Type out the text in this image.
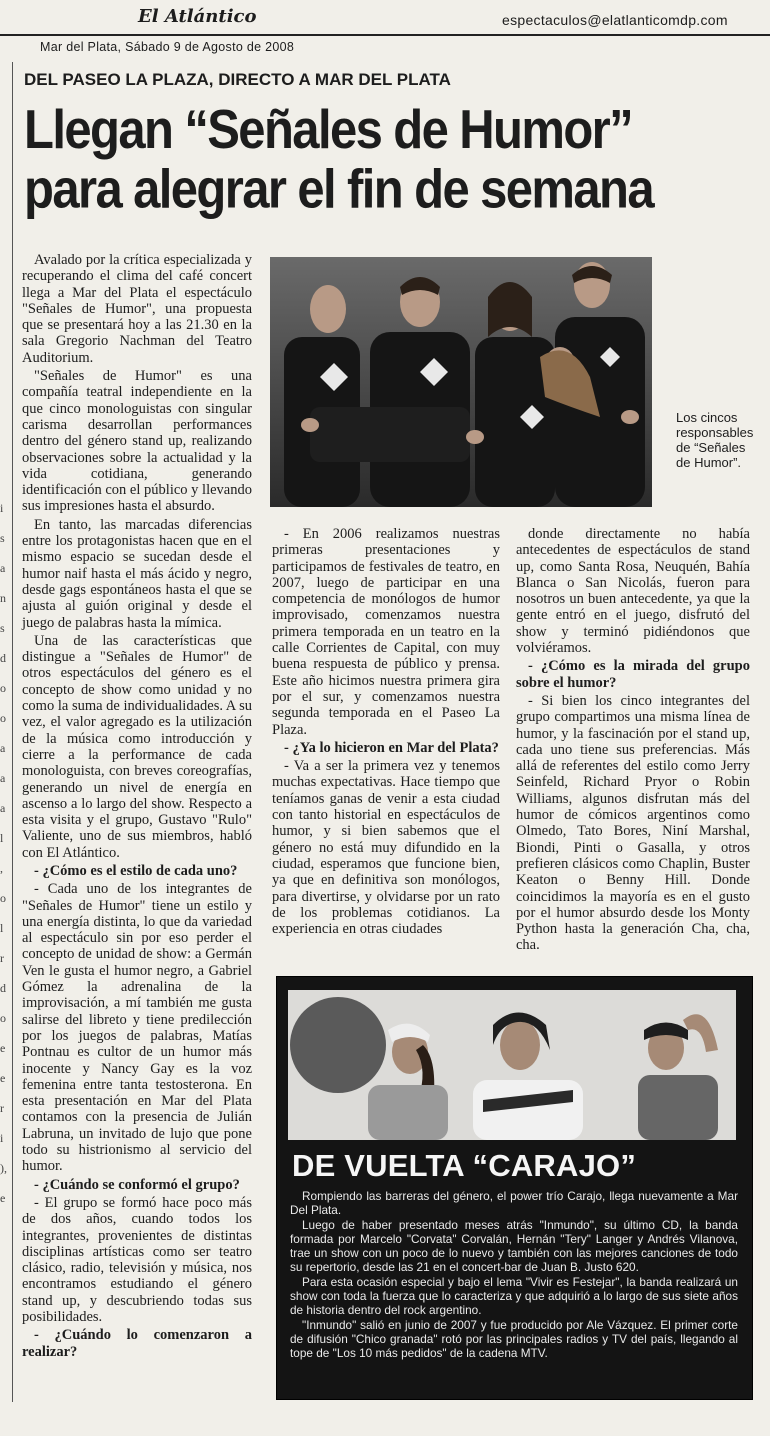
El Atlántico	espectaculos@elatlanticomdp.com
Mar del Plata, Sábado 9 de Agosto de 2008
i
s
a
n
s
d
o
o
a
a
a
l
,
o
l
r
d
o
e
e
r
i
),
e
DEL PASEO LA PLAZA, DIRECTO A MAR DEL PLATA
Llegan “Señales de Humor”
para alegrar el fin de semana
Los cincos responsables de “Señales de Humor”.

Avalado por la crítica especializada y recuperando el clima del café concert llega a Mar del Plata el espectáculo "Señales de Humor", una propuesta que se presentará hoy a las 21.30 en la sala Gregorio Nachman del Teatro Auditorium.

"Señales de Humor" es una compañía teatral independiente en la que cinco monologuistas con singular carisma desarrollan performances dentro del género stand up, realizando observaciones sobre la actualidad y la vida cotidiana, generando identificación con el público y llevando sus impresiones hasta el absurdo.

En tanto, las marcadas diferencias entre los protagonistas hacen que en el mismo espacio se sucedan desde el humor naif hasta el más ácido y negro, desde gags espontáneos hasta el que se ajusta al guión original y desde el juego de palabras hasta la mímica.

Una de las características que distingue a "Señales de Humor" de otros espectáculos del género es el concepto de show como unidad y no como la suma de individualidades. A su vez, el valor agregado es la utilización de la música como introducción y cierre a la performance de cada monologuista, con breves coreografías, generando un nivel de energía en ascenso a lo largo del show. Respecto a esta visita y el grupo, Gustavo "Rulo" Valiente, uno de sus miembros, habló con El Atlántico.

- ¿Cómo es el estilo de cada uno?

- Cada uno de los integrantes de "Señales de Humor" tiene un estilo y una energía distinta, lo que da variedad al espectáculo sin por eso perder el concepto de unidad de show: a Germán Ven le gusta el humor negro, a Gabriel Gómez la adrenalina de la improvisación, a mí también me gusta salirse del libreto y tiene predilección por los juegos de palabras, Matías Pontnau es cultor de un humor más inocente y Nancy Gay es la voz femenina entre tanta testosterona. En esta presentación en Mar del Plata contamos con la presencia de Julián Labruna, un invitado de lujo que pone todo su histrionismo al servicio del humor.

- ¿Cuándo se conformó el grupo?

- El grupo se formó hace poco más de dos años, cuando todos los integrantes, provenientes de distintas disciplinas artísticas como ser teatro clásico, radio, televisión y música, nos encontramos estudiando el género stand up, y descubriendo todas sus posibilidades.

- ¿Cuándo lo comenzaron a realizar?

- En 2006 realizamos nuestras primeras presentaciones y participamos de festivales de teatro, en 2007, luego de participar en una competencia de monólogos de humor improvisado, comenzamos nuestra primera temporada en un teatro en la calle Corrientes de Capital, con muy buena respuesta de público y prensa. Este año hicimos nuestra primera gira por el sur, y comenzamos nuestra segunda temporada en el Paseo La Plaza.

- ¿Ya lo hicieron en Mar del Plata?

- Va a ser la primera vez y tenemos muchas expectativas. Hace tiempo que teníamos ganas de venir a esta ciudad con tanto historial en espectáculos de humor, y si bien sabemos que el género no está muy difundido en la ciudad, esperamos que funcione bien, ya que en definitiva son monólogos, para divertirse, y olvidarse por un rato de los problemas cotidianos. La experiencia en otras ciudades

donde directamente no había antecedentes de espectáculos de stand up, como Santa Rosa, Neuquén, Bahía Blanca o San Nicolás, fueron para nosotros un buen antecedente, ya que la gente entró en el juego, disfrutó del show y terminó pidiéndonos que volviéramos.

- ¿Cómo es la mirada del grupo sobre el humor?

- Si bien los cinco integrantes del grupo compartimos una misma línea de humor, y la fascinación por el stand up, cada uno tiene sus preferencias. Más allá de referentes del estilo como Jerry Seinfeld, Richard Pryor o Robin Williams, algunos disfrutan más del humor de cómicos argentinos como Olmedo, Tato Bores, Niní Marshal, Biondi, Pinti o Gasalla, y otros prefieren clásicos como Chaplin, Buster Keaton o Benny Hill. Donde coincidimos la mayoría es en el gusto por el humor absurdo desde los Monty Python hasta la generación Cha, cha, cha.

DE VUELTA “CARAJO”

Rompiendo las barreras del género, el power trío Carajo, llega nuevamente a Mar Del Plata.

Luego de haber presentado meses atrás "Inmundo", su último CD, la banda formada por Marcelo "Corvata" Corvalán, Hernán "Tery" Langer y Andrés Vilanova, trae un show con un poco de lo nuevo y también con las mejores canciones de todo su repertorio, desde las 21 en el concert-bar de Juan B. Justo 620.

Para esta ocasión especial y bajo el lema "Vivir es Festejar", la banda realizará un show con toda la fuerza que lo caracteriza y que adquirió a lo largo de sus siete años de historia dentro del rock argentino.

"Inmundo" salió en junio de 2007 y fue producido por Ale Vázquez. El primer corte de difusión "Chico granada" rotó por las principales radios y TV del país, llegando al tope de "Los 10 más pedidos" de la cadena MTV.
